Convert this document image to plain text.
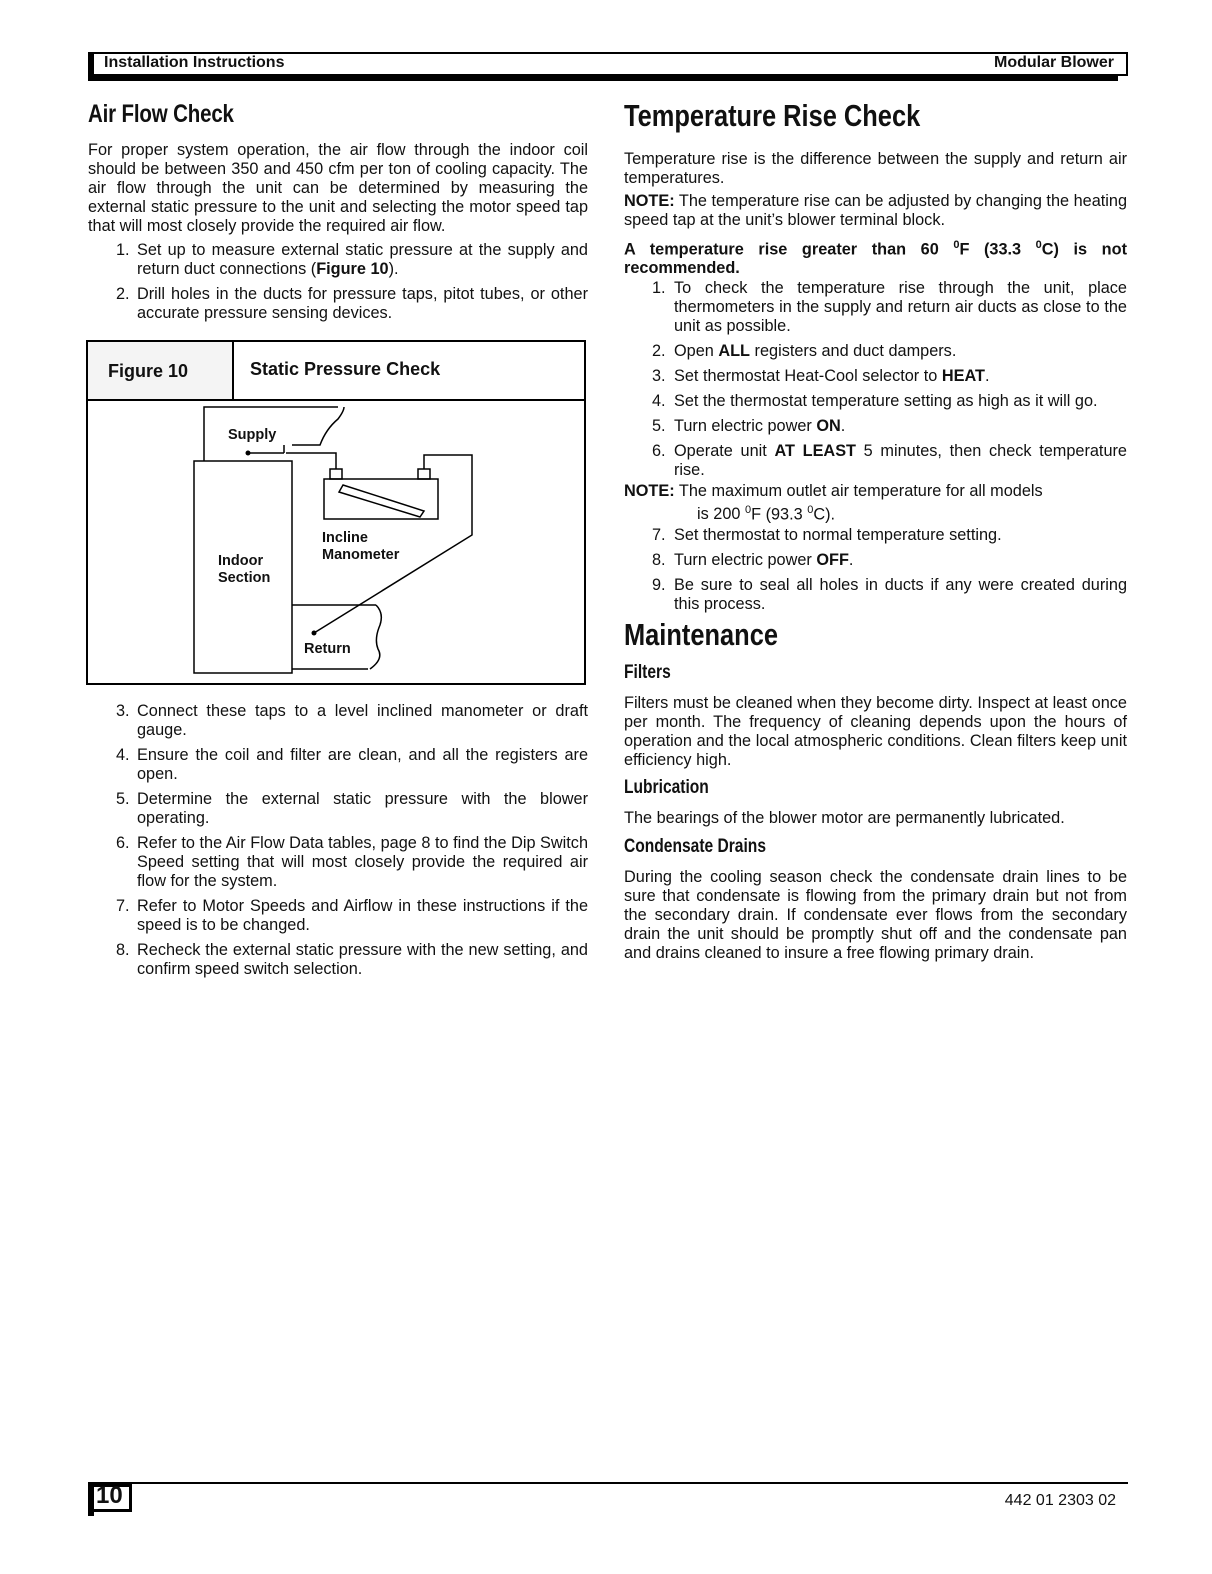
Installation Instructions	Modular Blower
Air Flow Check
For proper system operation, the air flow through the indoor coil should be between 350 and 450 cfm per ton of cooling capacity. The air flow through the unit can be determined by measuring the external static pressure to the unit and selecting the motor speed tap that will most closely provide the required air flow.
1. Set up to measure external static pressure at the supply and return duct connections (Figure 10).
2. Drill holes in the ducts for pressure taps, pitot tubes, or other accurate pressure sensing devices.
Figure 10	Static Pressure Check
Supply
Incline
Manometer
Indoor
Section
Return
3. Connect these taps to a level inclined manometer or draft gauge.
4. Ensure the coil and filter are clean, and all the registers are open.
5. Determine the external static pressure with the blower operating.
6. Refer to the Air Flow Data tables, page 8 to find the Dip Switch Speed setting that will most closely provide the required air flow for the system.
7. Refer to Motor Speeds and Airflow in these instructions if the speed is to be changed.
8. Recheck the external static pressure with the new setting, and confirm speed switch selection.
Temperature Rise Check
Temperature rise is the difference between the supply and return air temperatures.
NOTE: The temperature rise can be adjusted by changing the heating speed tap at the unit’s blower terminal block.
A temperature rise greater than 60 $^0$F (33.3 $^0$C) is not recommended.
1. To check the temperature rise through the unit, place thermometers in the supply and return air ducts as close to the unit as possible.
2. Open ALL registers and duct dampers.
3. Set thermostat Heat-Cool selector to HEAT.
4. Set the thermostat temperature setting as high as it will go.
5. Turn electric power ON.
6. Operate unit AT LEAST 5 minutes, then check temperature rise.
NOTE: The maximum outlet air temperature for all models
is 200 $^0$F (93.3 $^0$C).
7. Set thermostat to normal temperature setting.
8. Turn electric power OFF.
9. Be sure to seal all holes in ducts if any were created during this process.
Maintenance
Filters
Filters must be cleaned when they become dirty. Inspect at least once per month. The frequency of cleaning depends upon the hours of operation and the local atmospheric conditions. Clean filters keep unit efficiency high.
Lubrication
The bearings of the blower motor are permanently lubricated.
Condensate Drains
During the cooling season check the condensate drain lines to be sure that condensate is flowing from the primary drain but not from the secondary drain. If condensate ever flows from the secondary drain the unit should be promptly shut off and the condensate pan and drains cleaned to insure a free flowing primary drain.
10	442 01 2303 02
